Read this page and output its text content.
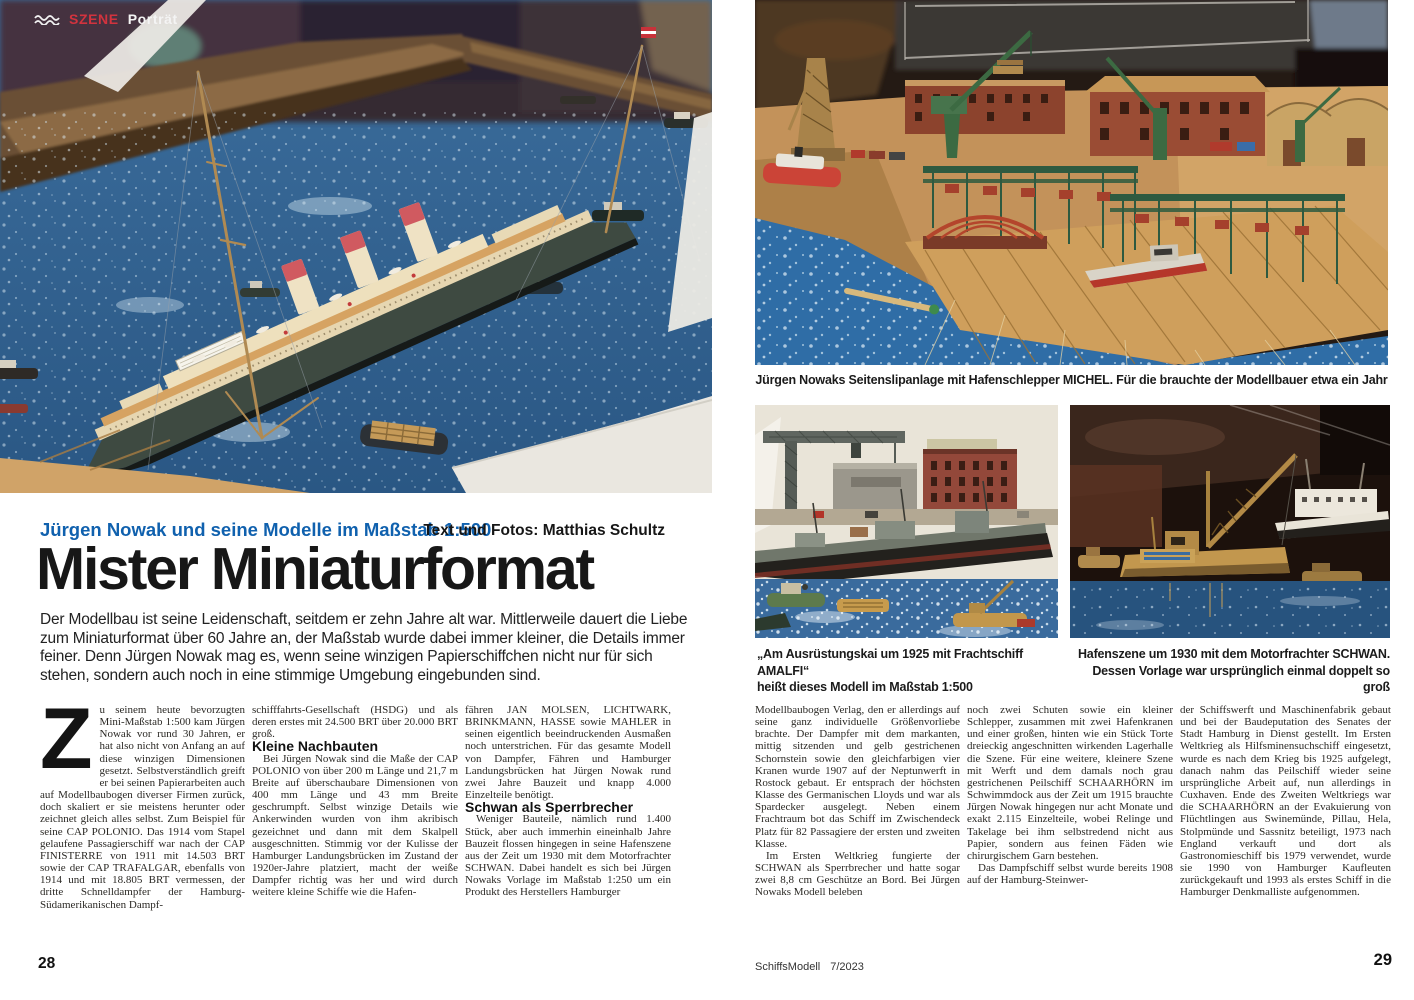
SZENE Porträt
Jürgen Nowaks Seitenslipanlage mit Hafenschlepper MICHEL. Für die brauchte der Modellbauer etwa ein Jahr
„Am Ausrüstungskai um 1925 mit Frachtschiff AMALFI“
heißt dieses Modell im Maßstab 1:500
Hafenszene um 1930 mit dem Motorfrachter SCHWAN.
Dessen Vorlage war ursprünglich einmal doppelt so groß
Jürgen Nowak und seine Modelle im Maßstab 1:500
Text und Fotos: Matthias Schultz
Mister Miniaturformat
Der Modellbau ist seine Leidenschaft, seitdem er zehn Jahre alt war. Mittlerweile dauert die Liebe zum Miniaturformat über 60 Jahre an, der Maßstab wurde dabei immer kleiner, die Details immer feiner. Denn Jürgen Nowak mag es, wenn seine winzigen Papierschiffchen nicht nur für sich stehen, sondern auch noch in eine stimmige Umgebung eingebunden sind.

Zu seinem heute bevorzugten Mini-Maßstab 1:500 kam Jürgen Nowak vor rund 30 Jahren, er hat also nicht von Anfang an auf diese winzigen Dimensionen gesetzt. Selbstverständlich greift er bei seinen Papierarbeiten auch auf Modellbaubogen diverser Firmen zurück, doch skaliert er sie meistens herunter oder zeichnet gleich alles selbst. Zum Beispiel für seine CAP POLONIO. Das 1914 vom Stapel gelaufene Passagierschiff war nach der CAP FINISTERRE von 1911 mit 14.503 BRT sowie der CAP TRAFALGAR, ebenfalls von 1914 und mit 18.805 BRT vermessen, der dritte Schnelldampfer der Hamburg-Südamerikanischen Dampf-

schifffahrts-Gesellschaft (HSDG) und als deren erstes mit 24.500 BRT über 20.000 BRT groß.

Kleine Nachbauten

Bei Jürgen Nowak sind die Maße der CAP POLONIO von über 200 m Länge und 21,7 m Breite auf überschaubare Dimensionen von 400 mm Länge und 43 mm Breite geschrumpft. Selbst winzige Details wie Ankerwinden wurden von ihm akribisch gezeichnet und dann mit dem Skalpell ausgeschnitten. Stimmig vor der Kulisse der Hamburger Landungsbrücken im Zustand der 1920er-Jahre platziert, macht der weiße Dampfer richtig was her und wird durch weitere kleine Schiffe wie die Hafen-

fähren JAN MOLSEN, LICHTWARK, BRINKMANN, HASSE sowie MAHLER in seinen eigentlich beeindruckenden Ausmaßen noch unterstrichen. Für das gesamte Modell von Dampfer, Fähren und Hamburger Landungsbrücken hat Jürgen Nowak rund zwei Jahre Bauzeit und knapp 4.000 Einzelteile benötigt.

Schwan als Sperrbrecher

Weniger Bauteile, nämlich rund 1.400 Stück, aber auch immerhin eineinhalb Jahre Bauzeit flossen hingegen in seine Hafenszene aus der Zeit um 1930 mit dem Motorfrachter SCHWAN. Dabei handelt es sich bei Jürgen Nowaks Vorlage im Maßstab 1:250 um ein Produkt des Herstellers Hamburger

Modellbaubogen Verlag, den er allerdings auf seine ganz individuelle Größenvorliebe brachte. Der Dampfer mit dem markanten, mittig sitzenden und gelb gestrichenen Schornstein sowie den gleichfarbigen vier Kranen wurde 1907 auf der Neptunwerft in Rostock gebaut. Er entsprach der höchsten Klasse des Germanischen Lloyds und war als Spardecker ausgelegt. Neben einem Frachtraum bot das Schiff im Zwischendeck Platz für 82 Passagiere der ersten und zweiten Klasse.

Im Ersten Weltkrieg fungierte der SCHWAN als Sperrbrecher und hatte sogar zwei 8,8 cm Geschütze an Bord. Bei Jürgen Nowaks Modell beleben

noch zwei Schuten sowie ein kleiner Schlepper, zusammen mit zwei Hafenkranen und einer großen, hinten wie ein Stück Torte dreieckig angeschnitten wirkenden Lagerhalle die Szene. Für eine weitere, kleinere Szene mit Werft und dem damals noch grau gestrichenen Peilschiff SCHAARHÖRN im Schwimmdock aus der Zeit um 1915 brauchte Jürgen Nowak hingegen nur acht Monate und exakt 2.115 Einzelteile, wobei Relinge und Takelage bei ihm selbstredend nicht aus Papier, sondern aus feinen Fäden wie chirurgischem Garn bestehen.

Das Dampfschiff selbst wurde bereits 1908 auf der Hamburg-Steinwer-

der Schiffswerft und Maschinenfabrik gebaut und bei der Baudeputation des Senates der Stadt Hamburg in Dienst gestellt. Im Ersten Weltkrieg als Hilfsminensuchschiff eingesetzt, wurde es nach dem Krieg bis 1925 aufgelegt, danach nahm das Peilschiff wieder seine ursprüngliche Arbeit auf, nun allerdings in Cuxhaven. Ende des Zweiten Weltkriegs war die SCHAARHÖRN an der Evakuierung von Flüchtlingen aus Swinemünde, Pillau, Hela, Stolpmünde und Sassnitz beteiligt, 1973 nach England verkauft und dort als Gastronomieschiff bis 1979 verwendet, wurde sie 1990 von Hamburger Kaufleuten zurückgekauft und 1993 als erstes Schiff in die Hamburger Denkmalliste aufgenommen.

28	29
SchiffsModell 7/2023
